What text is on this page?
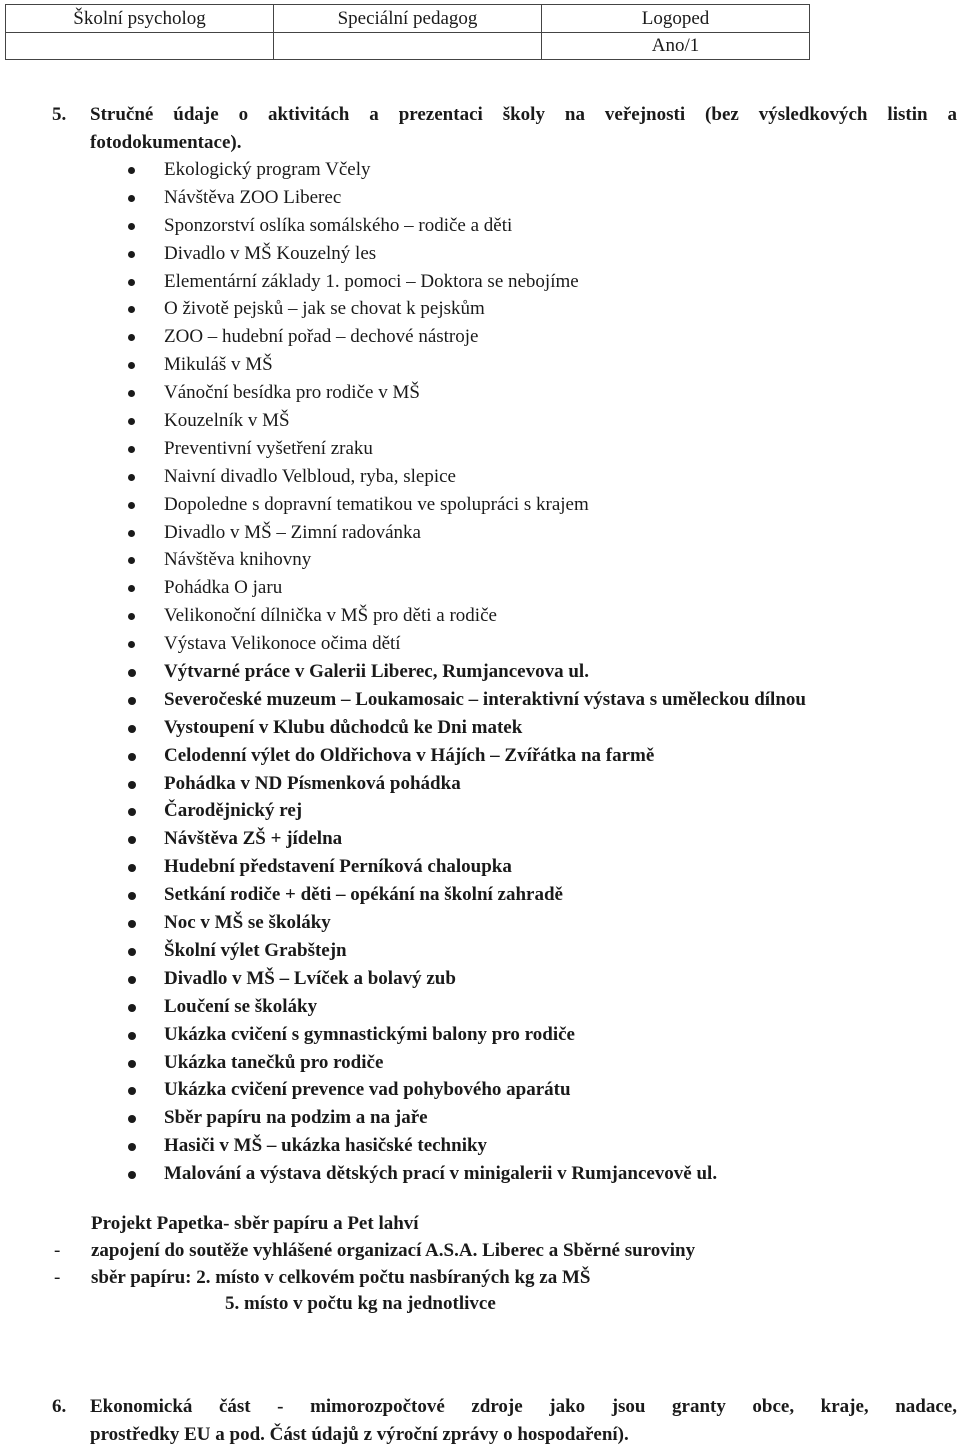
Školní psycholog	Speciální pedagog	Logoped
		Ano/1
5. Stručné údaje o aktivitách a prezentaci školy na veřejnosti (bez výsledkových listin a
fotodokumentace).
Ekologický program Včely
Návštěva ZOO Liberec
Sponzorství oslíka somálského – rodiče a děti
Divadlo v MŠ Kouzelný les
Elementární základy 1. pomoci – Doktora se nebojíme
O životě pejsků – jak se chovat k pejskům
ZOO – hudební pořad – dechové nástroje
Mikuláš v MŠ
Vánoční besídka pro rodiče v MŠ
Kouzelník v MŠ
Preventivní vyšetření zraku
Naivní divadlo Velbloud, ryba, slepice
Dopoledne s dopravní tematikou ve spolupráci s krajem
Divadlo v MŠ – Zimní radovánka
Návštěva knihovny
Pohádka O jaru
Velikonoční dílnička v MŠ pro děti a rodiče
Výstava Velikonoce očima dětí
Výtvarné práce v Galerii Liberec, Rumjancevova ul.
Severočeské muzeum – Loukamosaic – interaktivní výstava s uměleckou dílnou
Vystoupení v Klubu důchodců ke Dni matek
Celodenní výlet do Oldřichova v Hájích – Zvířátka na farmě
Pohádka v ND Písmenková pohádka
Čarodějnický rej
Návštěva ZŠ + jídelna
Hudební představení Perníková chaloupka
Setkání rodiče + děti – opékání na školní zahradě
Noc v MŠ se školáky
Školní výlet Grabštejn
Divadlo v MŠ – Lvíček a bolavý zub
Loučení se školáky
Ukázka cvičení s gymnastickými balony pro rodiče
Ukázka tanečků pro rodiče
Ukázka cvičení prevence vad pohybového aparátu
Sběr papíru na podzim a na jaře
Hasiči v MŠ – ukázka hasičské techniky
Malování a výstava dětských prací v minigalerii v Rumjancevově ul.
Projekt Papetka- sběr papíru a Pet lahví
- zapojení do soutěže vyhlášené organizací A.S.A. Liberec a Sběrné suroviny
- sběr papíru: 2. místo v celkovém počtu nasbíraných kg za MŠ
5. místo v počtu kg na jednotlivce
6. Ekonomická část - mimorozpočtové zdroje jako jsou granty obce, kraje, nadace,
prostředky EU a pod. Část údajů z výroční zprávy o hospodaření).
